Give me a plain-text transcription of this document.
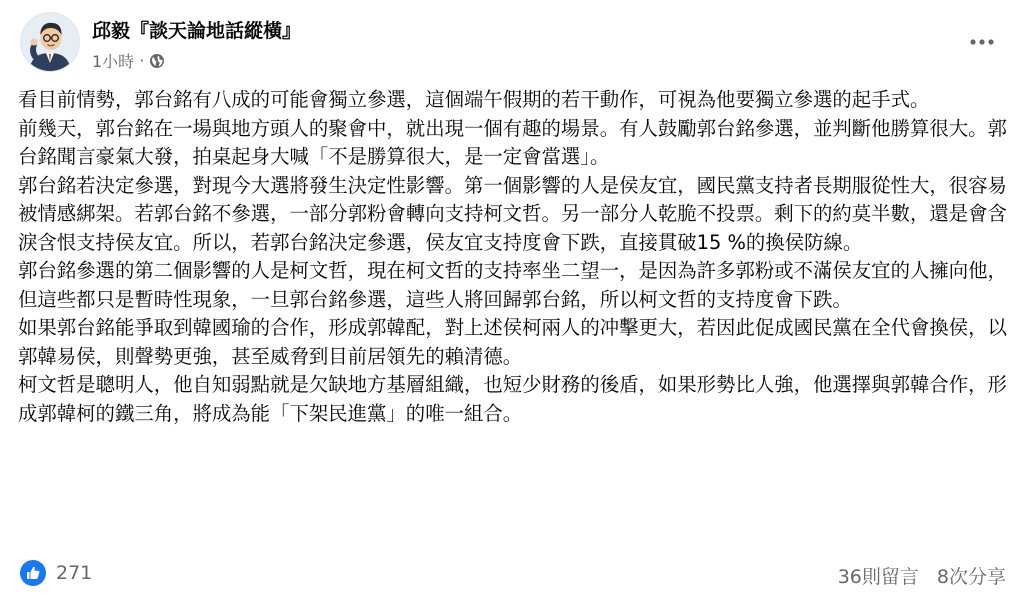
邱毅『談天論地話縱橫』
1小時 ·

看目前情勢，郭台銘有八成的可能會獨立參選，這個端午假期的若干動作，可視為他要獨立參選的起手式。

前幾天，郭台銘在一場與地方頭人的聚會中，就出現一個有趣的場景。有人鼓勵郭台銘參選，並判斷他勝算很大。郭台銘聞言豪氣大發，拍桌起身大喊「不是勝算很大，是一定會當選」。

郭台銘若決定參選，對現今大選將發生決定性影響。第一個影響的人是侯友宜，國民黨支持者長期服從性大，很容易被情感綁架。若郭台銘不參選，一部分郭粉會轉向支持柯文哲。另一部分人乾脆不投票。剩下的約莫半數，還是會含淚含恨支持侯友宜。所以，若郭台銘決定參選，侯友宜支持度會下跌，直接貫破15 %的換侯防線。

郭台銘參選的第二個影響的人是柯文哲，現在柯文哲的支持率坐二望一，是因為許多郭粉或不滿侯友宜的人擁向他，但這些都只是暫時性現象，一旦郭台銘參選，這些人將回歸郭台銘，所以柯文哲的支持度會下跌。

如果郭台銘能爭取到韓國瑜的合作，形成郭韓配，對上述侯柯兩人的冲擊更大，若因此促成國民黨在全代會換侯，以郭韓易侯，則聲勢更強，甚至威脅到目前居領先的賴清德。

柯文哲是聰明人，他自知弱點就是欠缺地方基層組織，也短少財務的後盾，如果形勢比人強，他選擇與郭韓合作，形成郭韓柯的鐵三角，將成為能「下架民進黨」的唯一組合。

271	36則留言 8次分享
